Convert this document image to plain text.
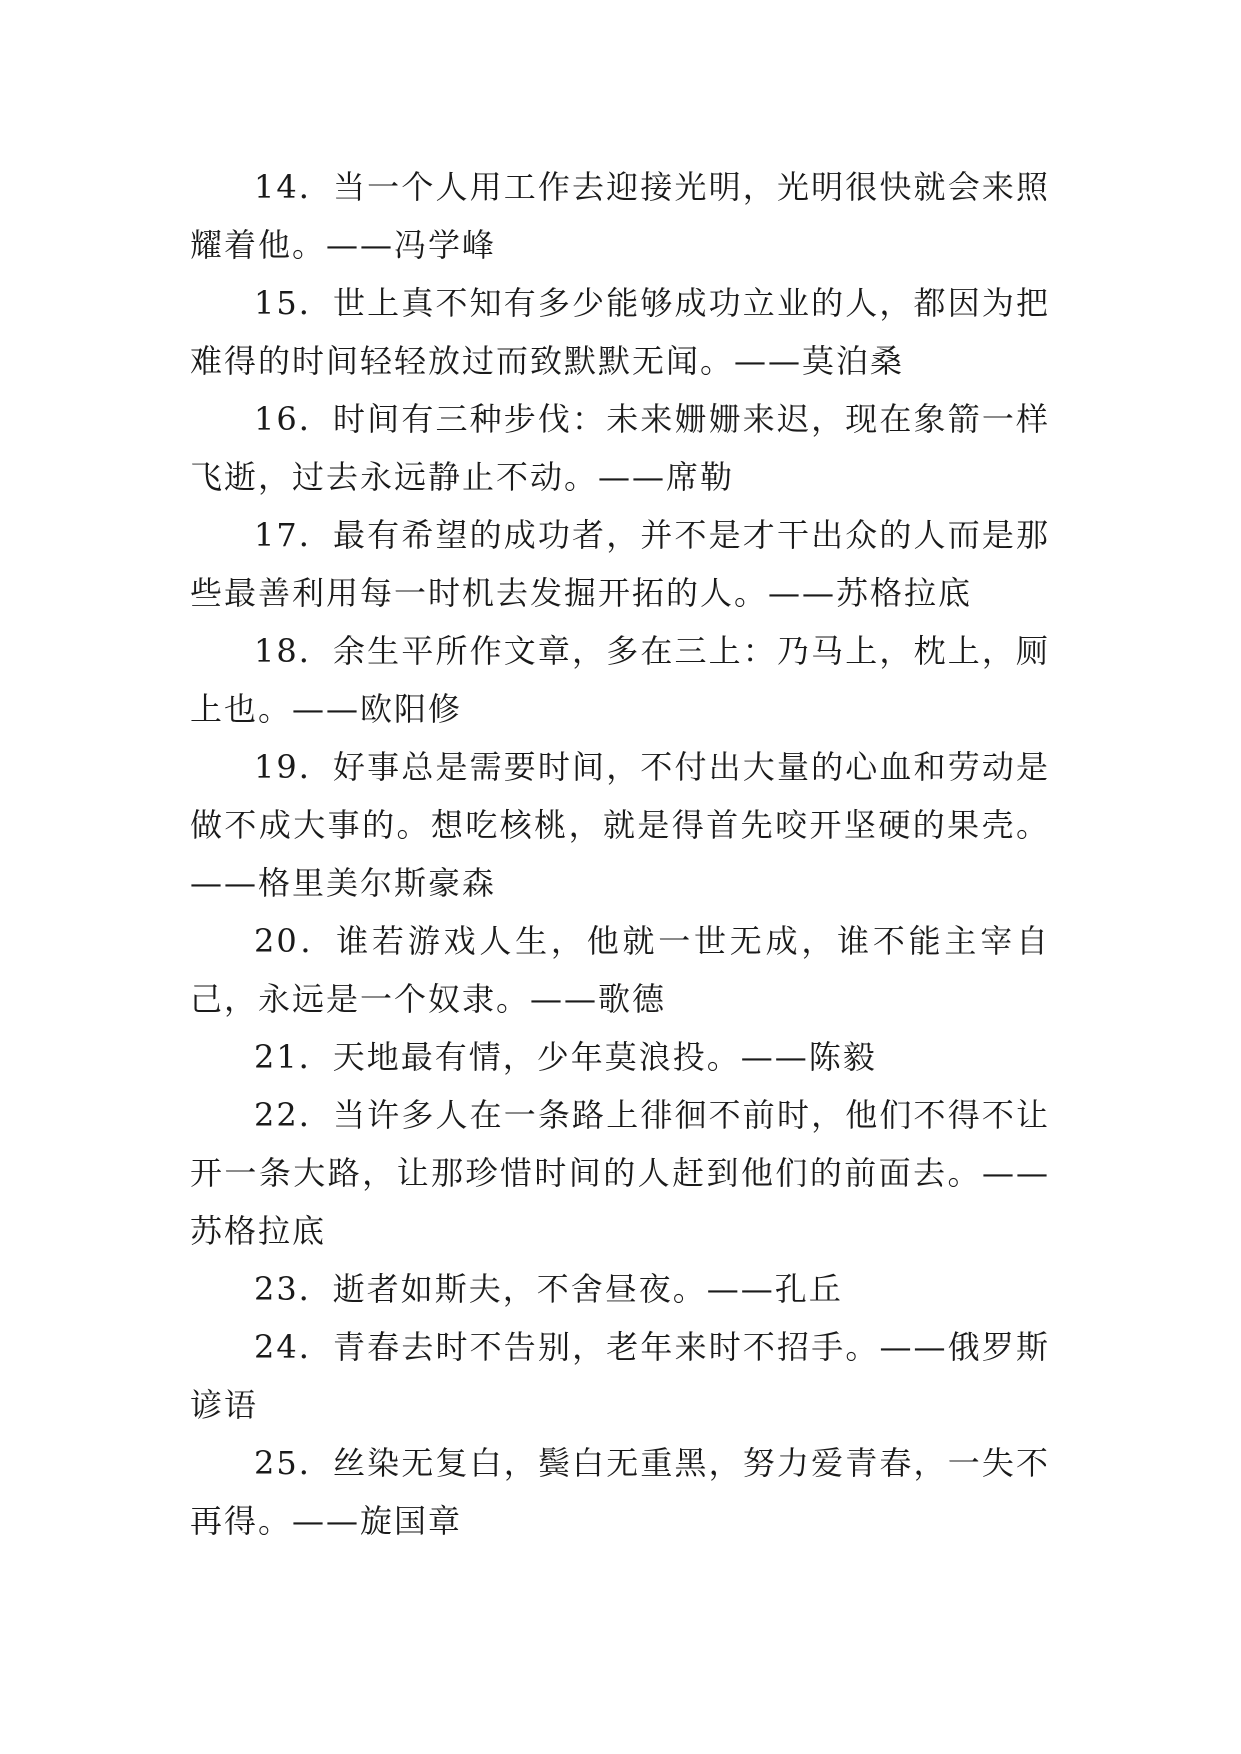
14．当一个人用工作去迎接光明，光明很快就会来照耀着他。——冯学峰

15．世上真不知有多少能够成功立业的人，都因为把难得的时间轻轻放过而致默默无闻。——莫泊桑

16．时间有三种步伐：未来姗姗来迟，现在象箭一样飞逝，过去永远静止不动。——席勒

17．最有希望的成功者，并不是才干出众的人而是那些最善利用每一时机去发掘开拓的人。——苏格拉底

18．余生平所作文章，多在三上：乃马上，枕上，厕上也。——欧阳修

19．好事总是需要时间，不付出大量的心血和劳动是做不成大事的。想吃核桃，就是得首先咬开坚硬的果壳。——格里美尔斯豪森

20．谁若游戏人生，他就一世无成，谁不能主宰自己，永远是一个奴隶。——歌德

21．天地最有情，少年莫浪投。——陈毅

22．当许多人在一条路上徘徊不前时，他们不得不让开一条大路，让那珍惜时间的人赶到他们的前面去。——苏格拉底

23．逝者如斯夫，不舍昼夜。——孔丘

24．青春去时不告别，老年来时不招手。——俄罗斯谚语

25．丝染无复白，鬓白无重黑，努力爱青春，一失不再得。——旋国章
